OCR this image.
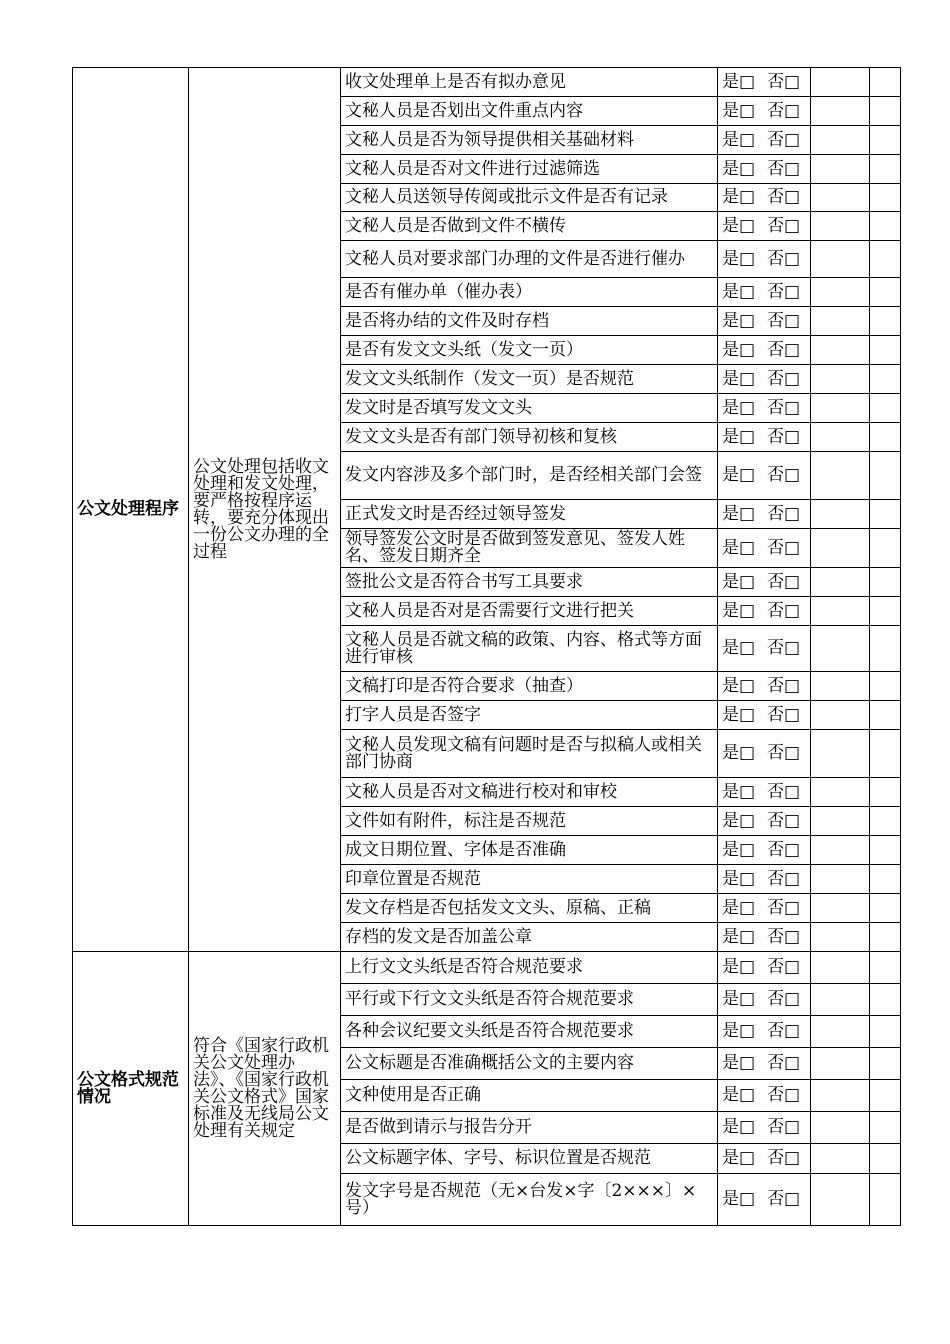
公文处理程序	公文处理包括收文处理和发文处理，要严格按程序运转，要充分体现出一份公文办理的全过程	收文处理单上是否有拟办意见	是□ 否□		
		文秘人员是否划出文件重点内容	是□ 否□		
		文秘人员是否为领导提供相关基础材料	是□ 否□		
		文秘人员是否对文件进行过滤筛选	是□ 否□		
		文秘人员送领导传阅或批示文件是否有记录	是□ 否□		
		文秘人员是否做到文件不横传	是□ 否□		
		文秘人员对要求部门办理的文件是否进行催办	是□ 否□		
		是否有催办单（催办表）	是□ 否□		
		是否将办结的文件及时存档	是□ 否□		
		是否有发文文头纸（发文一页）	是□ 否□		
		发文文头纸制作（发文一页）是否规范	是□ 否□		
		发文时是否填写发文文头	是□ 否□		
		发文文头是否有部门领导初核和复核	是□ 否□		
		发文内容涉及多个部门时，是否经相关部门会签	是□ 否□		
		正式发文时是否经过领导签发	是□ 否□		
		领导签发公文时是否做到签发意见、签发人姓名、签发日期齐全	是□ 否□		
		签批公文是否符合书写工具要求	是□ 否□		
		文秘人员是否对是否需要行文进行把关	是□ 否□		
		文秘人员是否就文稿的政策、内容、格式等方面进行审核	是□ 否□		
		文稿打印是否符合要求（抽查）	是□ 否□		
		打字人员是否签字	是□ 否□		
		文秘人员发现文稿有问题时是否与拟稿人或相关部门协商	是□ 否□		
		文秘人员是否对文稿进行校对和审校	是□ 否□		
		文件如有附件，标注是否规范	是□ 否□		
		成文日期位置、字体是否准确	是□ 否□		
		印章位置是否规范	是□ 否□		
		发文存档是否包括发文文头、原稿、正稿	是□ 否□		
		存档的发文是否加盖公章	是□ 否□		
公文格式规范情况	符合《国家行政机关公文处理办法》、《国家行政机关公文格式》国家标准及无线局公文处理有关规定	上行文文头纸是否符合规范要求	是□ 否□		
		平行或下行文文头纸是否符合规范要求	是□ 否□		
		各种会议纪要文头纸是否符合规范要求	是□ 否□		
		公文标题是否准确概括公文的主要内容	是□ 否□		
		文种使用是否正确	是□ 否□		
		是否做到请示与报告分开	是□ 否□		
		公文标题字体、字号、标识位置是否规范	是□ 否□		
		发文字号是否规范（无×台发×字〔2×××〕×号）	是□ 否□		
